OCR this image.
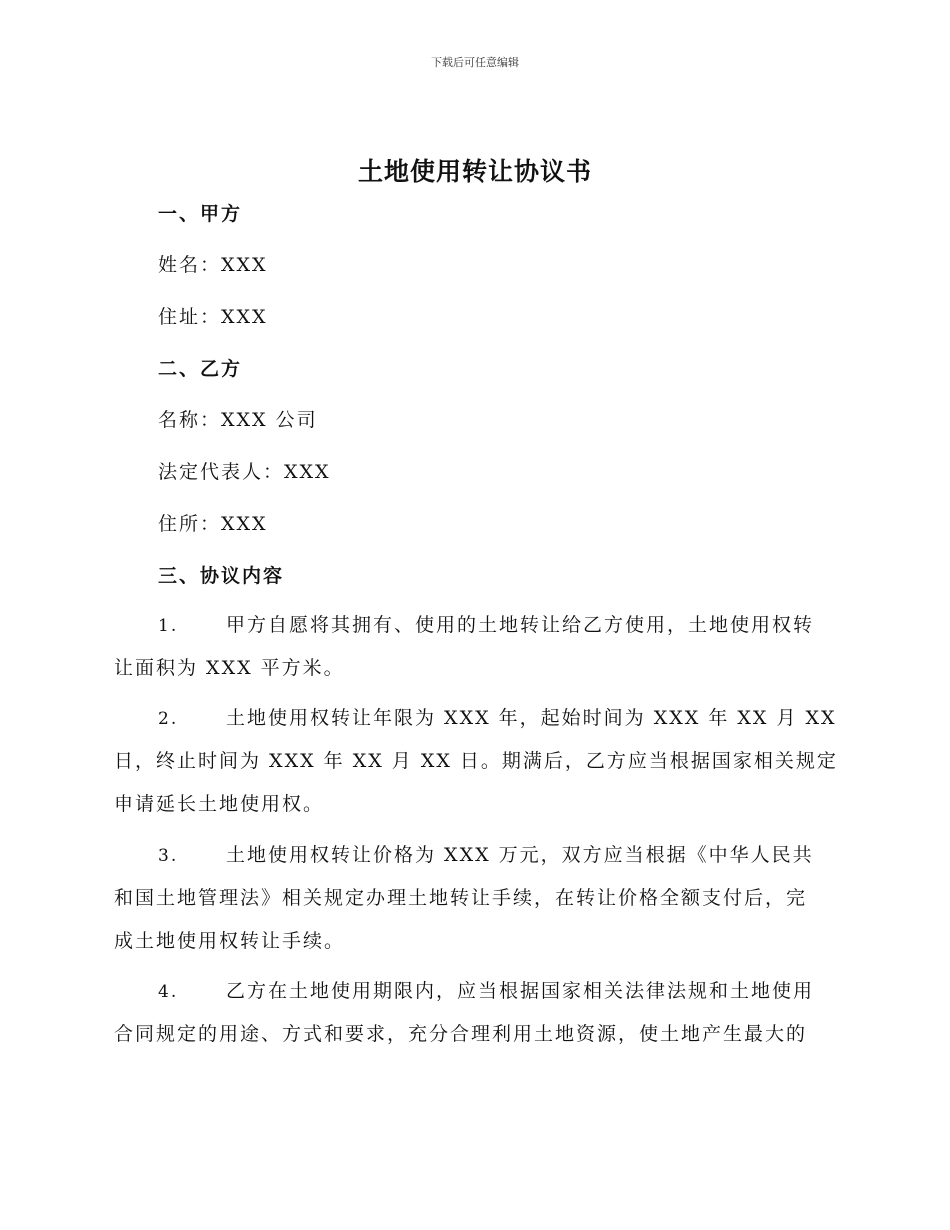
下载后可任意编辑
土地使用转让协议书
一、甲方
姓名：XXX
住址：XXX
二、乙方
名称：XXX 公司
法定代表人：XXX
住所：XXX
三、协议内容
1.	甲方自愿将其拥有、使用的土地转让给乙方使用，土地使用权转
让面积为 XXX 平方米。
2.	土地使用权转让年限为 XXX 年，起始时间为 XXX 年 XX 月 XX
日，终止时间为 XXX 年 XX 月 XX 日。期满后，乙方应当根据国家相关规定
申请延长土地使用权。
3.	土地使用权转让价格为 XXX 万元，双方应当根据《中华人民共
和国土地管理法》相关规定办理土地转让手续，在转让价格全额支付后，完
成土地使用权转让手续。
4.	乙方在土地使用期限内，应当根据国家相关法律法规和土地使用
合同规定的用途、方式和要求，充分合理利用土地资源，使土地产生最大的
